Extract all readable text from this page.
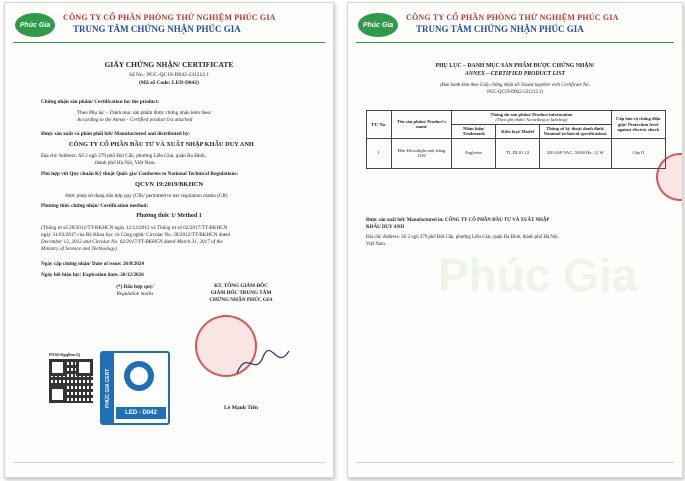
Phúc Gia
CÔNG TY CỔ PHẦN PHÒNG THỬ NGHIỆM PHÚC GIA
TRUNG TÂM CHỨNG NHẬN PHÚC GIA
GIẤY CHỨNG NHẬN/ CERTIFICATE
Số No.: PGC-QC19-D042-231212.1
(Mã số Code: LED-D042)
Chứng nhận sản phẩm/ Certification for the product:
Theo Phụ lục – Danh mục sản phẩm được chứng nhận kèm theo/
According to the Annex - Certified product list attached
Được sản xuất và phân phối bởi/ Manufactured and distributed by:
CÔNG TY CỔ PHẦN ĐẦU TƯ VÀ XUẤT NHẬP KHẨU DUY ANH
Địa chỉ/ Address: Số 2 ngõ 379 phố Đội Cấn, phường Liễu Giai, quận Ba Đình,
thành phố Hà Nội, Việt Nam.
Phù hợp với Quy chuẩn Kỹ thuật Quốc gia/ Conforms to National Technical Regulations:
QCVN 19:2019/BKHCN
được phép sử dụng dấu hợp quy (CR)/ permitted to use regulation marks (CR)
Phương thức chứng nhận/ Certification method:
Phương thức 1/ Method 1
(Thông tư số 28/2012/TT-BKHCN ngày 12/12/2012 và Thông tư số 02/2017/TT-BKHCN
ngày 31/03/2017 của Bộ Khoa học và Công nghệ/ Circular No. 28/2012/TT-BKHCN dated
December 12, 2012 and Circular No. 02/2017/TT-BKHCN dated March 31, 2017 of the
Ministry of Science and Technology)
Ngày cấp chứng nhận/ Date of issue: 26/8/2024
Ngày hết hiệu lực/ Expiration date: 26/12/2026
(*) Dấu hợp quy/
Regulation marks
KT. TỔNG GIÁM ĐỐC
GIÁM ĐỐC TRUNG TÂM
CHỨNG NHẬN PHÚC GIA
PASS:0gq8nw5j
PHÚC GIA CERT
LED - D042
Lê Mạnh Tiến
Phúc Gia
CÔNG TY CỔ PHẦN PHÒNG THỬ NGHIỆM PHÚC GIA
TRUNG TÂM CHỨNG NHẬN PHÚC GIA
Phúc Gia
PHỤ LỤC – DANH MỤC SẢN PHẨM ĐƯỢC CHỨNG NHẬN/
ANNEX – CERTIFIED PRODUCT LIST
(Ban hành kèm theo Giấy chứng nhận số/ Issued together with Certificate No.
PGC-QC19-D042-231212.1)
TT/ No.	Tên sản phẩm/ Product's name	Thông tin sản phẩm/ Product information
(Theo ghi nhãn/ According to labeling)			Cấp bảo vệ chống điện giật/ Protection level against electric shock
		Nhãn hiệu/ Trademark	Kiểu loại/ Model	Thông số kỹ thuật danh định/ Nominal technical specifications	
1	Đèn Downlight một trắng 12W	Eaglerise	TL.DL01.12	220-240 VAC, 50/60 Hz, 12 W	Cấp II
Được sản xuất bởi/ Manufactured in: CÔNG TY CỔ PHẦN ĐẦU TƯ VÀ XUẤT NHẬP
KHẨU DUY ANH
Địa chỉ/ Address: Số 2 ngõ 379 phố Đội Cấn, phường Liễu Giai, quận Ba Đình, thành phố Hà Nội,
Việt Nam.
